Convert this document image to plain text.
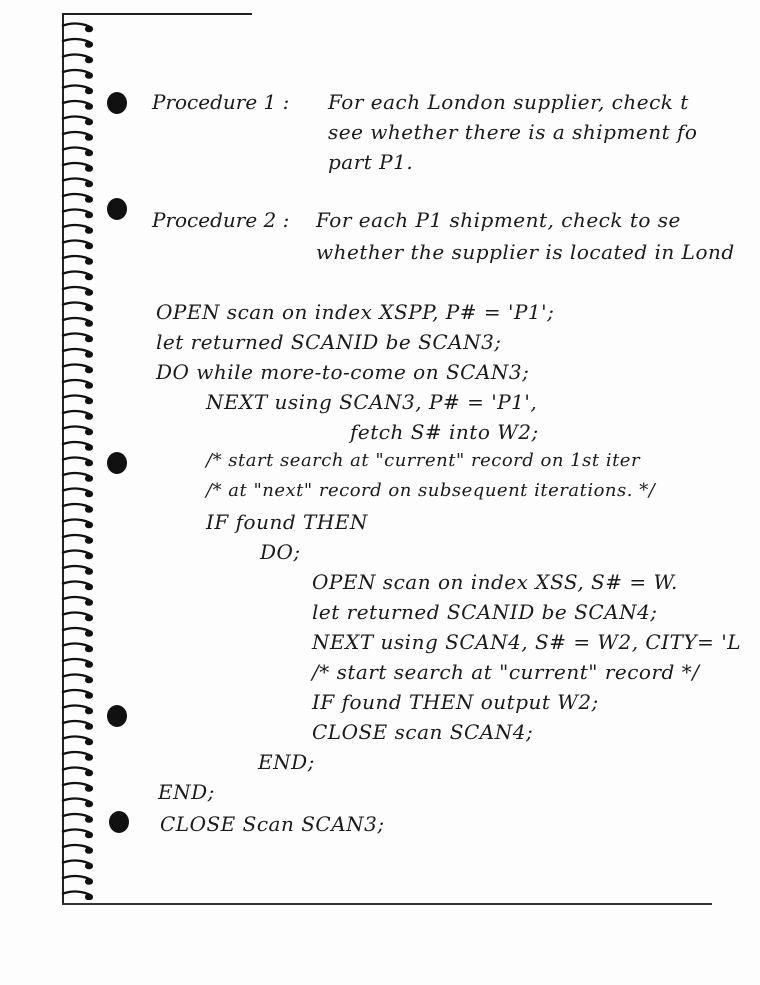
Procedure 1 : For each London supplier, check t
see whether there is a shipment fo
part P1.
Procedure 2 : For each P1 shipment, check to se
whether the supplier is located in Lond
OPEN scan on index XSPP, P# = 'P1';
let returned SCANID be SCAN3;
DO while more-to-come on SCAN3;
NEXT using SCAN3, P# = 'P1',
fetch S# into W2;
/* start search at "current" record on 1st iter
/* at "next" record on subsequent iterations. */
IF found THEN
DO;
OPEN scan on index XSS, S# = W.
let returned SCANID be SCAN4;
NEXT using SCAN4, S# = W2, CITY= 'L
/* start search at "current" record */
IF found THEN output W2;
CLOSE scan SCAN4;
END;
END;
CLOSE Scan SCAN3;
